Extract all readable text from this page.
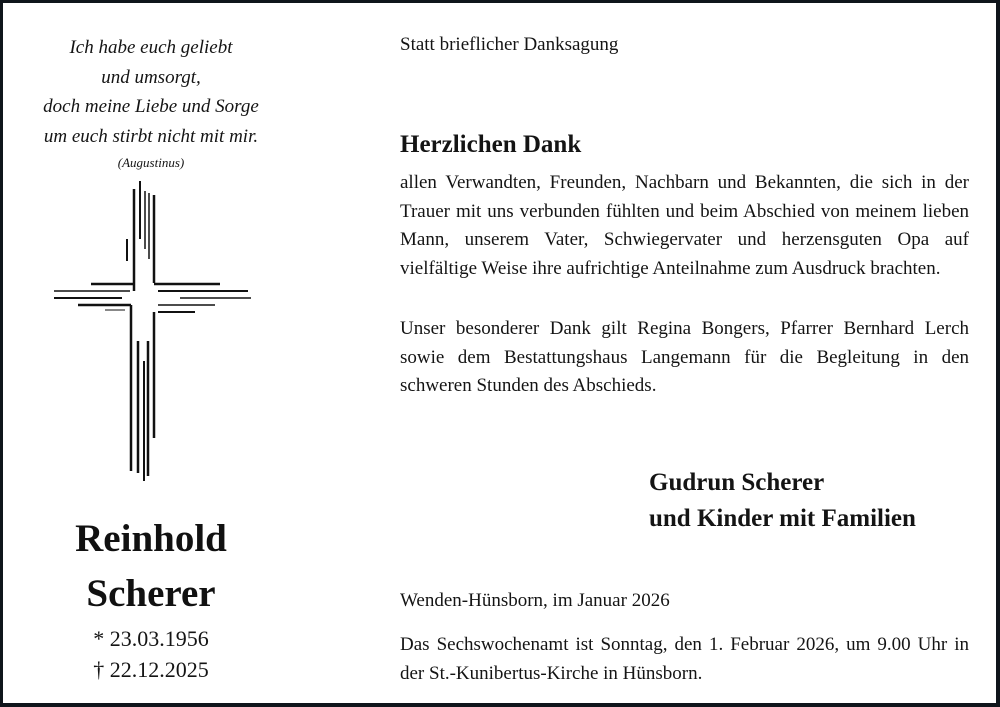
Ich habe euch geliebt
und umsorgt,
doch meine Liebe und Sorge
um euch stirbt nicht mit mir.
(Augustinus)
Reinhold
Scherer
* 23.03.1956
† 22.12.2025
Statt brieflicher Danksagung
Herzlichen Dank
allen Verwandten, Freunden, Nachbarn und Bekannten, die sich in der Trauer mit uns verbunden fühlten und beim Abschied von meinem lieben Mann, unserem Vater, Schwiegervater und herzensguten Opa auf vielfältige Weise ihre aufrichtige Anteilnahme zum Ausdruck brachten.
Unser besonderer Dank gilt Regina Bongers, Pfarrer Bernhard Lerch sowie dem Bestattungshaus Langemann für die Begleitung in den schweren Stunden des Abschieds.
Gudrun Scherer
und Kinder mit Familien
Wenden-Hünsborn, im Januar 2026
Das Sechswochenamt ist Sonntag, den 1. Februar 2026, um 9.00 Uhr in der St.-Kunibertus-Kirche in Hünsborn.
